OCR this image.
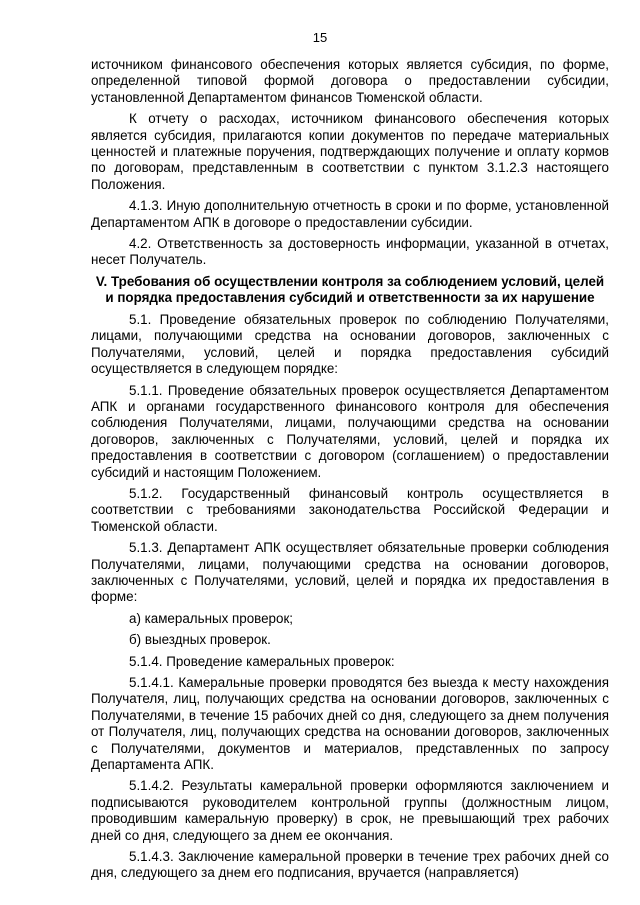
15

источником финансового обеспечения которых является субсидия, по форме, определенной типовой формой договора о предоставлении субсидии, установленной Департаментом финансов Тюменской области.

К отчету о расходах, источником финансового обеспечения которых является субсидия, прилагаются копии документов по передаче материальных ценностей и платежные поручения, подтверждающих получение и оплату кормов по договорам, представленным в соответствии с пунктом 3.1.2.3 настоящего Положения.

4.1.3. Иную дополнительную отчетность в сроки и по форме, установленной Департаментом АПК в договоре о предоставлении субсидии.

4.2. Ответственность за достоверность информации, указанной в отчетах, несет Получатель.

V. Требования об осуществлении контроля за соблюдением условий, целей и порядка предоставления субсидий и ответственности за их нарушение

5.1. Проведение обязательных проверок по соблюдению Получателями, лицами, получающими средства на основании договоров, заключенных с Получателями, условий, целей и порядка предоставления субсидий осуществляется в следующем порядке:

5.1.1. Проведение обязательных проверок осуществляется Департаментом АПК и органами государственного финансового контроля для обеспечения соблюдения Получателями, лицами, получающими средства на основании договоров, заключенных с Получателями, условий, целей и порядка их предоставления в соответствии с договором (соглашением) о предоставлении субсидий и настоящим Положением.

5.1.2. Государственный финансовый контроль осуществляется в соответствии с требованиями законодательства Российской Федерации и Тюменской области.

5.1.3. Департамент АПК осуществляет обязательные проверки соблюдения Получателями, лицами, получающими средства на основании договоров, заключенных с Получателями, условий, целей и порядка их предоставления в форме:

а) камеральных проверок;

б) выездных проверок.

5.1.4. Проведение камеральных проверок:

5.1.4.1. Камеральные проверки проводятся без выезда к месту нахождения Получателя, лиц, получающих средства на основании договоров, заключенных с Получателями, в течение 15 рабочих дней со дня, следующего за днем получения от Получателя, лиц, получающих средства на основании договоров, заключенных с Получателями, документов и материалов, представленных по запросу Департамента АПК.

5.1.4.2. Результаты камеральной проверки оформляются заключением и подписываются руководителем контрольной группы (должностным лицом, проводившим камеральную проверку) в срок, не превышающий трех рабочих дней со дня, следующего за днем ее окончания.

5.1.4.3. Заключение камеральной проверки в течение трех рабочих дней со дня, следующего за днем его подписания, вручается (направляется)
